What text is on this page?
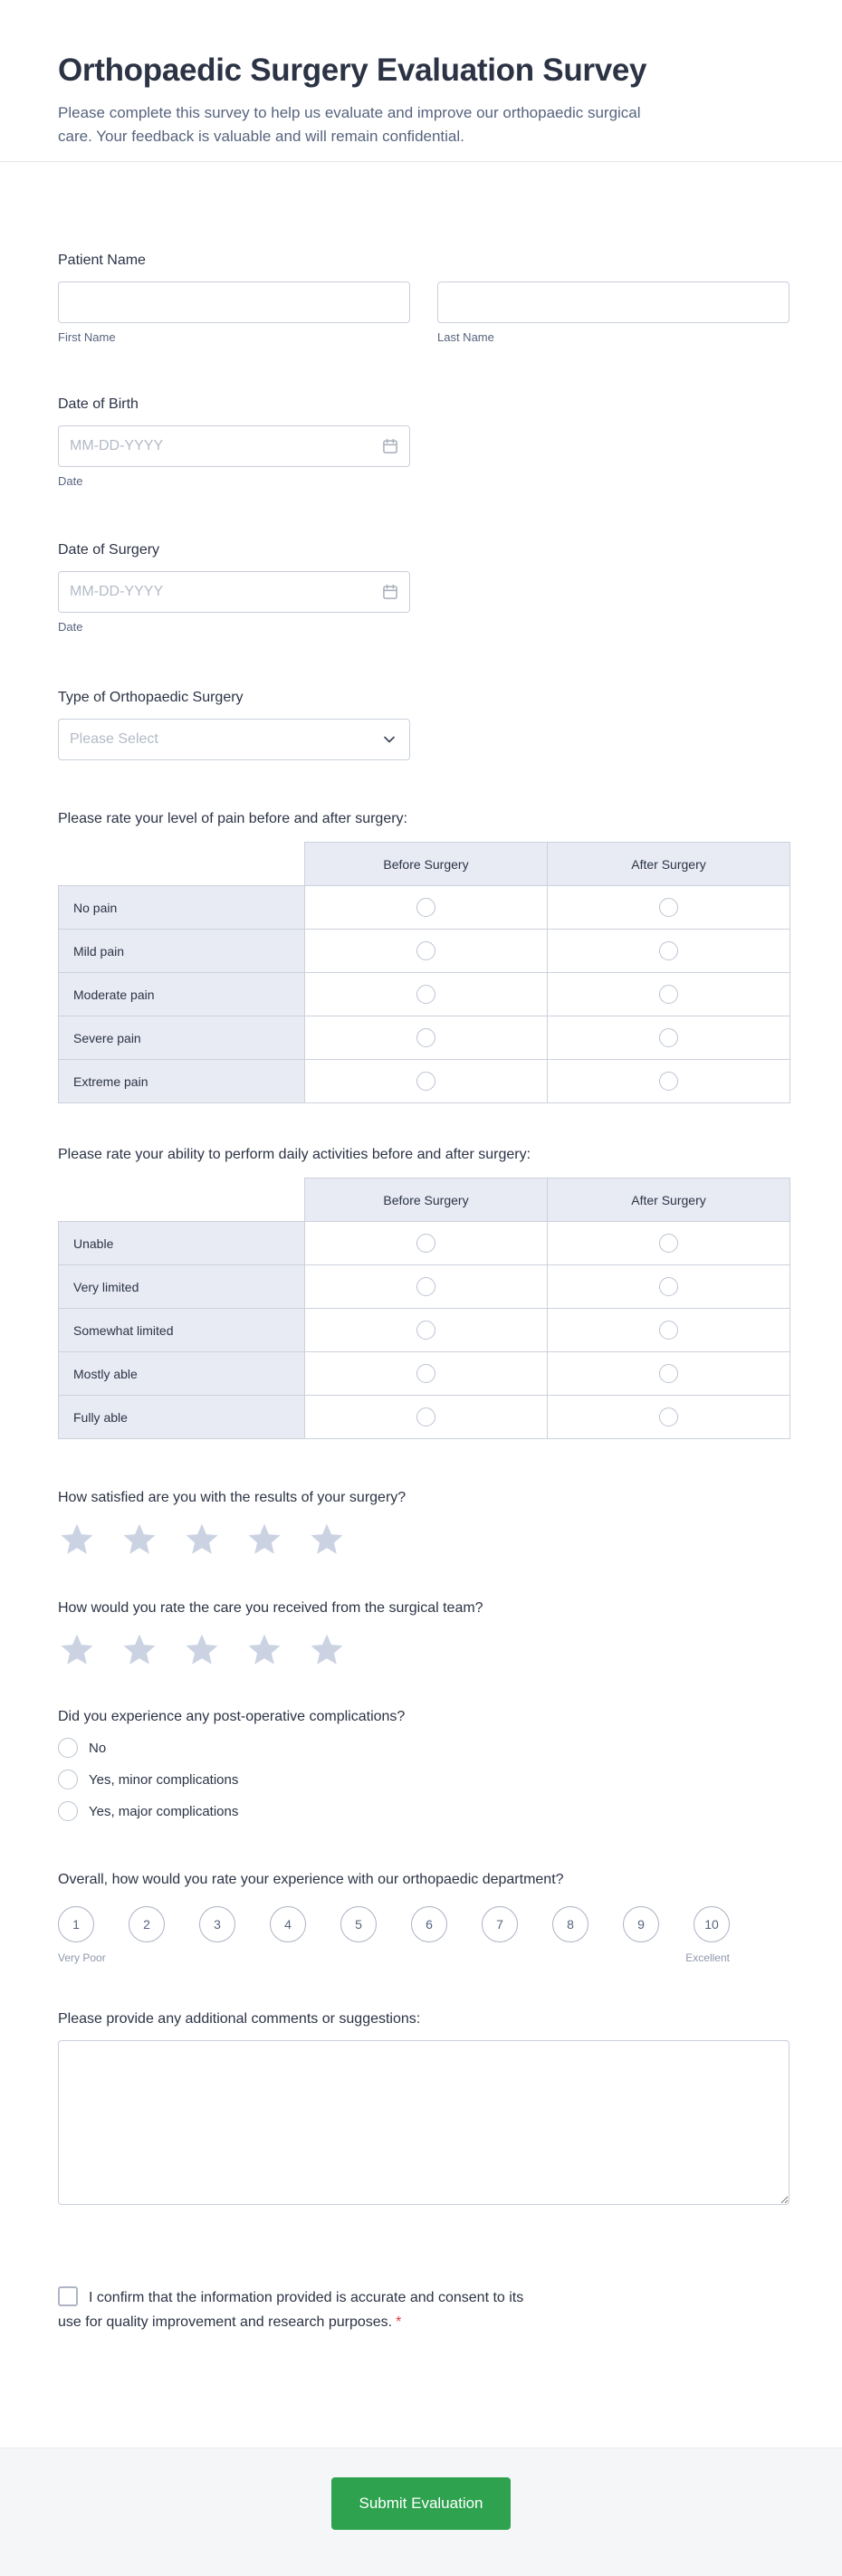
Orthopaedic Surgery Evaluation Survey

Please complete this survey to help us evaluate and improve our orthopaedic surgical care. Your feedback is valuable and will remain confidential.

Patient Name
First Name	Last Name
Date of Birth
MM-DD-YYYY
Date
Date of Surgery
MM-DD-YYYY
Date
Type of Orthopaedic Surgery
Please Select
Please rate your level of pain before and after surgery:
	Before Surgery	After Surgery
No pain		
Mild pain		
Moderate pain		
Severe pain		
Extreme pain		
Please rate your ability to perform daily activities before and after surgery:
	Before Surgery	After Surgery
Unable		
Very limited		
Somewhat limited		
Mostly able		
Fully able		
How satisfied are you with the results of your surgery?
How would you rate the care you received from the surgical team?
Did you experience any post-operative complications?
No
Yes, minor complications
Yes, major complications
Overall, how would you rate your experience with our orthopaedic department?
1	2	3	4	5	6	7	8	9	10
Very Poor	Excellent
Please provide any additional comments or suggestions:
I confirm that the information provided is accurate and consent to its
use for quality improvement and research purposes. *
Submit Evaluation
